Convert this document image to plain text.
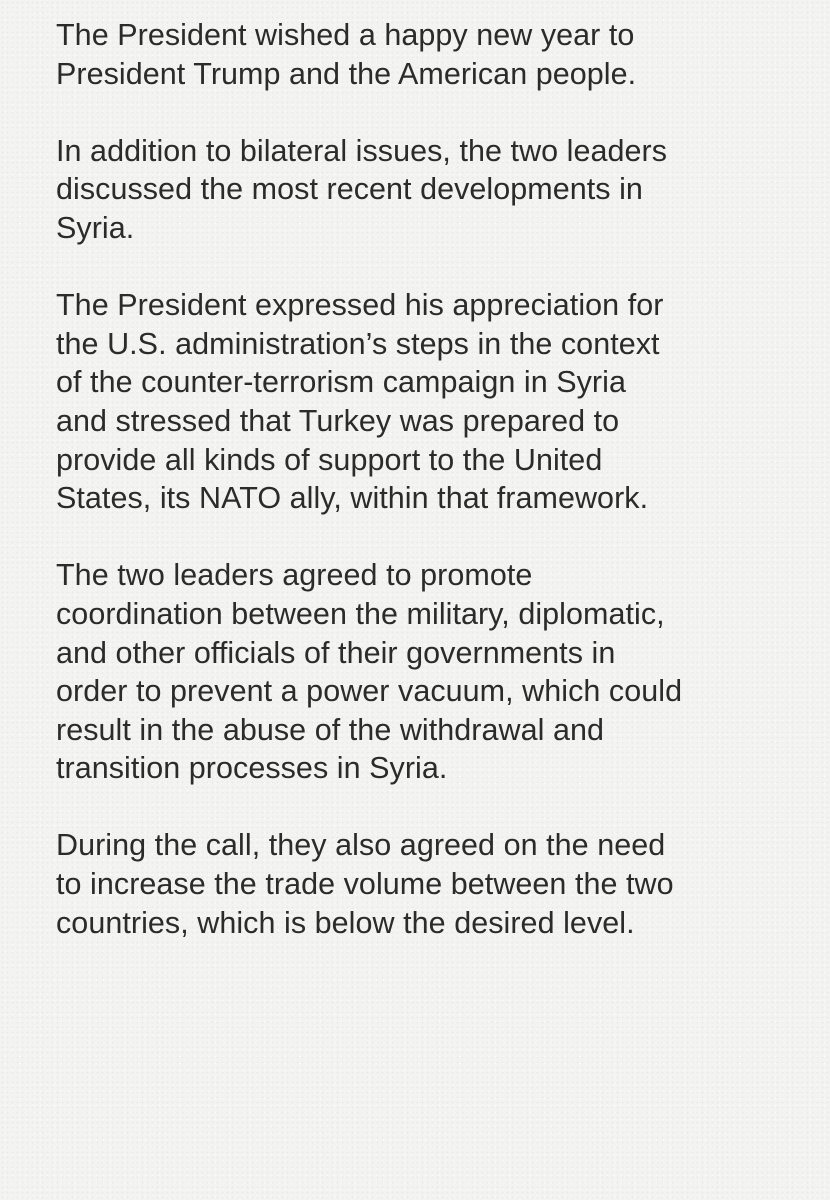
The President wished a happy new year to
President Trump and the American people.

In addition to bilateral issues, the two leaders
discussed the most recent developments in
Syria.

The President expressed his appreciation for
the U.S. administration’s steps in the context
of the counter-terrorism campaign in Syria
and stressed that Turkey was prepared to
provide all kinds of support to the United
States, its NATO ally, within that framework.

The two leaders agreed to promote
coordination between the military, diplomatic,
and other officials of their governments in
order to prevent a power vacuum, which could
result in the abuse of the withdrawal and
transition processes in Syria.

During the call, they also agreed on the need
to increase the trade volume between the two
countries, which is below the desired level.
